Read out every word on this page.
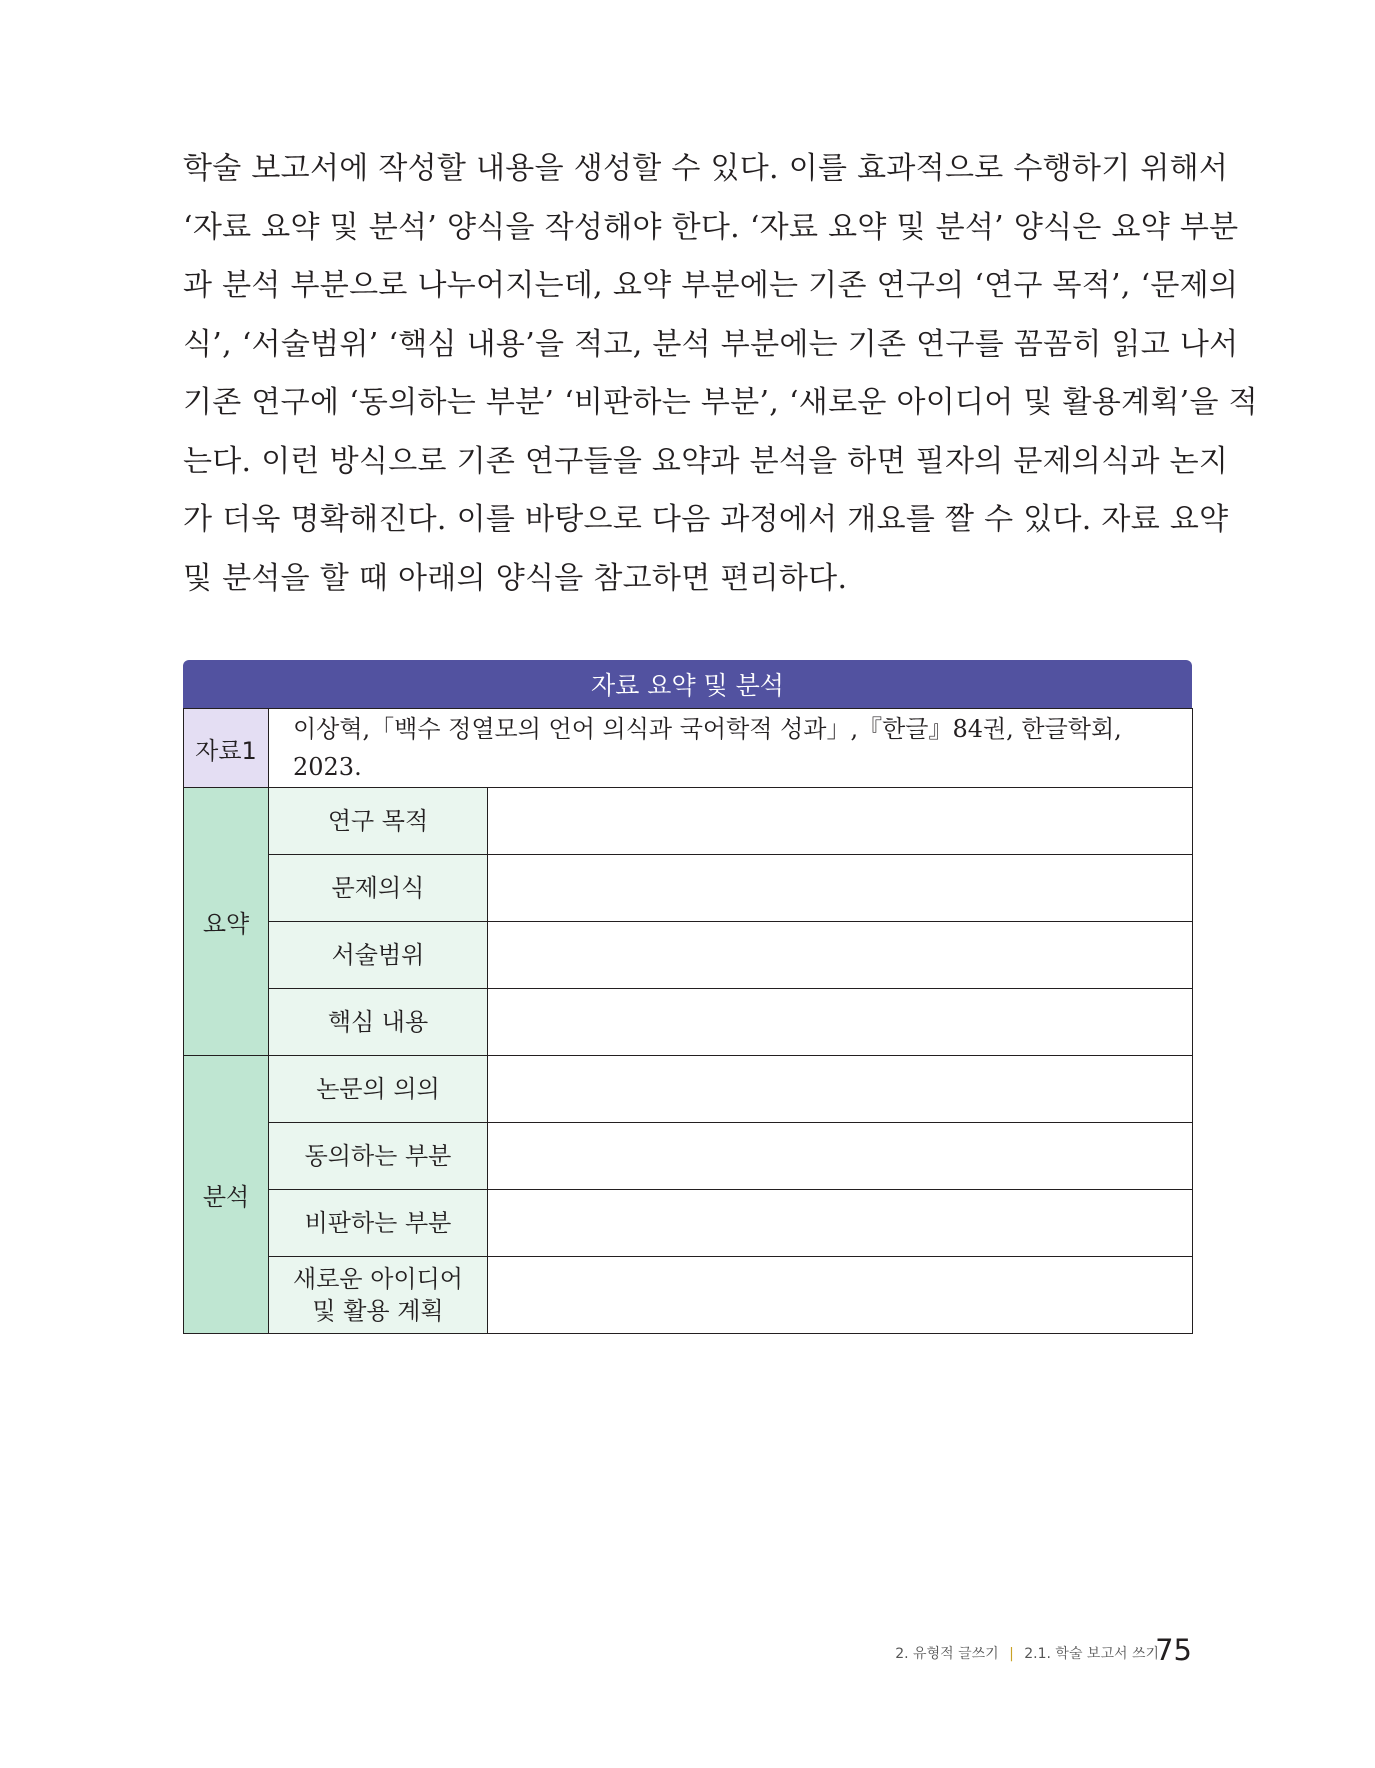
학술 보고서에 작성할 내용을 생성할 수 있다. 이를 효과적으로 수행하기 위해서

‘자료 요약 및 분석’ 양식을 작성해야 한다. ‘자료 요약 및 분석’ 양식은 요약 부분

과 분석 부분으로 나누어지는데, 요약 부분에는 기존 연구의 ‘연구 목적’, ‘문제의

식’, ‘서술범위’ ‘핵심 내용’을 적고, 분석 부분에는 기존 연구를 꼼꼼히 읽고 나서

기존 연구에 ‘동의하는 부분’ ‘비판하는 부분’, ‘새로운 아이디어 및 활용계획’을 적

는다. 이런 방식으로 기존 연구들을 요약과 분석을 하면 필자의 문제의식과 논지

가 더욱 명확해진다. 이를 바탕으로 다음 과정에서 개요를 짤 수 있다. 자료 요약

및 분석을 할 때 아래의 양식을 참고하면 편리하다.

자료 요약 및 분석
자료1	이상혁,「백수 정열모의 언어 의식과 국어학적 성과」,『한글』84권, 한글학회,
2023.	

요약	연구 목적	
	문제의식	
	서술범위	
	핵심 내용	
분석	논문의 의의	
	동의하는 부분	
	비판하는 부분	

	새로운 아이디어
및 활용 계획	

2. 유형적 글쓰기 | 2.1. 학술 보고서 쓰기
75
